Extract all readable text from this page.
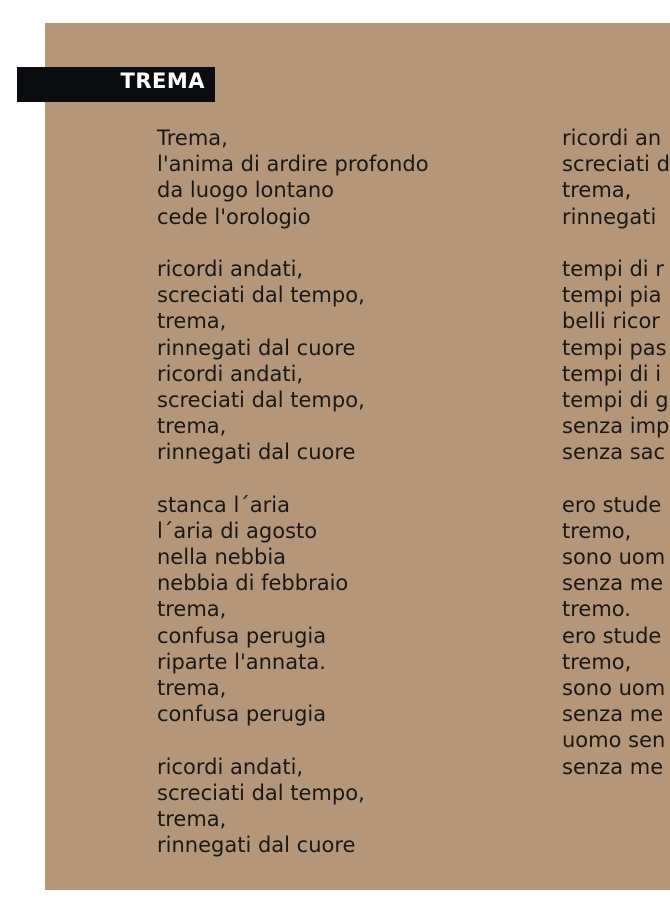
TREMA
Trema,
l'anima di ardire profondo
da luogo lontano
cede l'orologio
ricordi andati,
screciati dal tempo,
trema,
rinnegati dal cuore
ricordi andati,
screciati dal tempo,
trema,
rinnegati dal cuore
stanca l´aria
l´aria di agosto
nella nebbia
nebbia di febbraio
trema,
confusa perugia
riparte l'annata.
trema,
confusa perugia
ricordi andati,
screciati dal tempo,
trema,
rinnegati dal cuore
ricordi an
screciati d
trema,
rinnegati
tempi di r
tempi pia
belli ricor
tempi pas
tempi di i
tempi di g
senza imp
senza sac
ero stude
tremo,
sono uom
senza me
tremo.
ero stude
tremo,
sono uom
senza me
uomo sen
senza me
